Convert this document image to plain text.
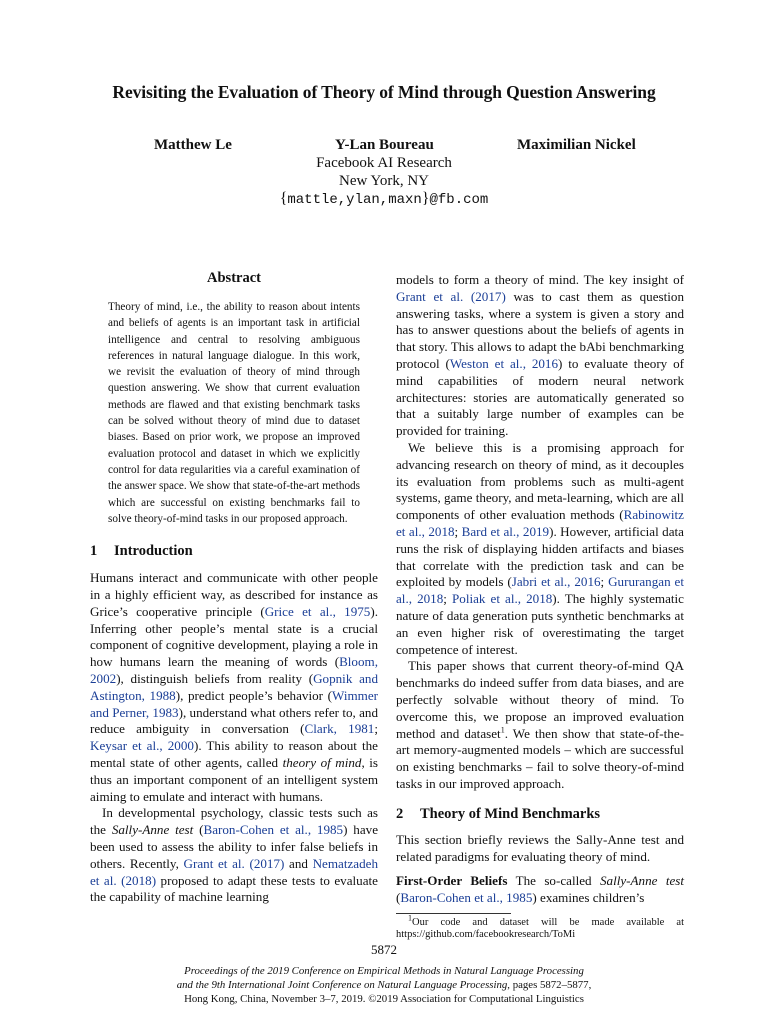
Revisiting the Evaluation of Theory of Mind through Question Answering
Matthew Le	Y-Lan Boureau	Maximilian Nickel
Facebook AI Research
New York, NY
{mattle,ylan,maxn}@fb.com
Abstract
Theory of mind, i.e., the ability to reason about intents and beliefs of agents is an important task in artificial intelligence and central to resolving ambiguous references in natural language dialogue. In this work, we revisit the evaluation of theory of mind through question answering. We show that current evaluation methods are flawed and that existing benchmark tasks can be solved without theory of mind due to dataset biases. Based on prior work, we propose an improved evaluation protocol and dataset in which we explicitly control for data regularities via a careful examination of the answer space. We show that state-of-the-art methods which are successful on existing benchmarks fail to solve theory-of-mind tasks in our proposed approach.
1 Introduction

Humans interact and communicate with other people in a highly efficient way, as described for instance as Grice’s cooperative principle (Grice et al., 1975). Inferring other people’s mental state is a crucial component of cognitive development, playing a role in how humans learn the meaning of words (Bloom, 2002), distinguish beliefs from reality (Gopnik and Astington, 1988), predict people’s behavior (Wimmer and Perner, 1983), understand what others refer to, and reduce ambiguity in conversation (Clark, 1981; Keysar et al., 2000). This ability to reason about the mental state of other agents, called theory of mind, is thus an important component of an intelligent system aiming to emulate and interact with humans.

In developmental psychology, classic tests such as the Sally-Anne test (Baron-Cohen et al., 1985) have been used to assess the ability to infer false beliefs in others. Recently, Grant et al. (2017) and Nematzadeh et al. (2018) proposed to adapt these tests to evaluate the capability of machine learning

models to form a theory of mind. The key insight of Grant et al. (2017) was to cast them as question answering tasks, where a system is given a story and has to answer questions about the beliefs of agents in that story. This allows to adapt the bAbi benchmarking protocol (Weston et al., 2016) to evaluate theory of mind capabilities of modern neural network architectures: stories are automatically generated so that a suitably large number of examples can be provided for training.

We believe this is a promising approach for advancing research on theory of mind, as it decouples its evaluation from problems such as multi-agent systems, game theory, and meta-learning, which are all components of other evaluation methods (Rabinowitz et al., 2018; Bard et al., 2019). However, artificial data runs the risk of displaying hidden artifacts and biases that correlate with the prediction task and can be exploited by models (Jabri et al., 2016; Gururangan et al., 2018; Poliak et al., 2018). The highly systematic nature of data generation puts synthetic benchmarks at an even higher risk of overestimating the target competence of interest.

This paper shows that current theory-of-mind QA benchmarks do indeed suffer from data biases, and are perfectly solvable without theory of mind. To overcome this, we propose an improved evaluation method and dataset$^1$. We then show that state-of-the-art memory-augmented models – which are successful on existing benchmarks – fail to solve theory-of-mind tasks in our improved approach.

2 Theory of Mind Benchmarks

This section briefly reviews the Sally-Anne test and related paradigms for evaluating theory of mind.

First-Order Beliefs The so-called Sally-Anne test (Baron-Cohen et al., 1985) examines children’s

$^1$Our code and dataset will be made available at https://github.com/facebookresearch/ToMi
5872
Proceedings of the 2019 Conference on Empirical Methods in Natural Language Processing
and the 9th International Joint Conference on Natural Language Processing, pages 5872–5877,
Hong Kong, China, November 3–7, 2019. ©2019 Association for Computational Linguistics
